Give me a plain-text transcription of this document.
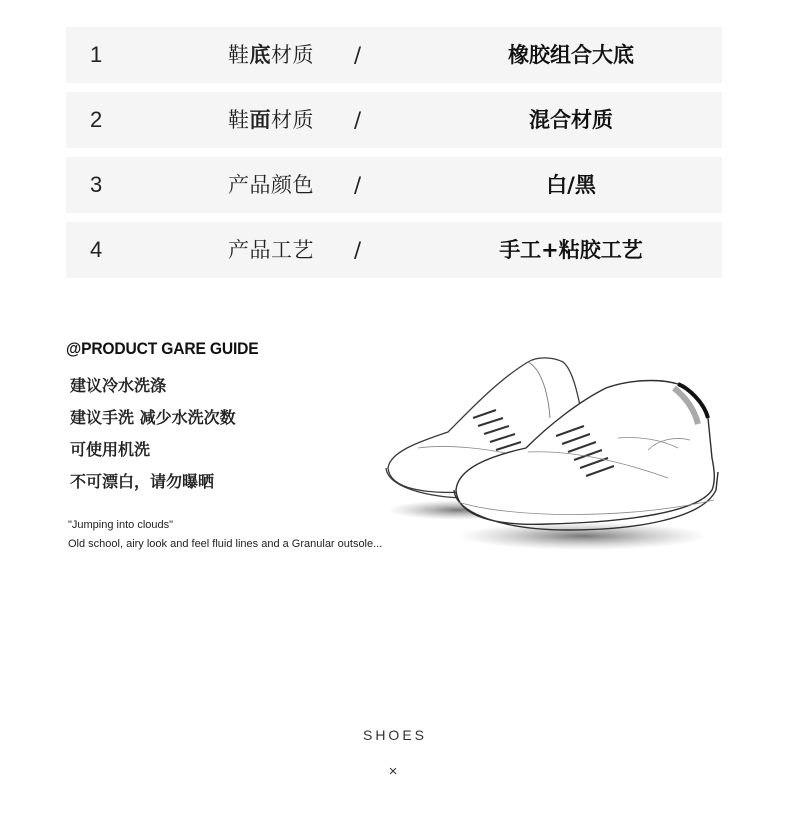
1	鞋底材质 /	橡胶组合大底
2	鞋面材质 /	混合材质
3	产品颜色 /	白/黑
4	产品工艺 /	手工+粘胶工艺
@PRODUCT GARE GUIDE
建议冷水洗涤
建议手洗 减少水洗次数
可使用机洗
不可漂白，请勿曝晒
"Jumping into clouds"
Old school, airy look and feel fluid lines and a Granular outsole...
SHOES
×
